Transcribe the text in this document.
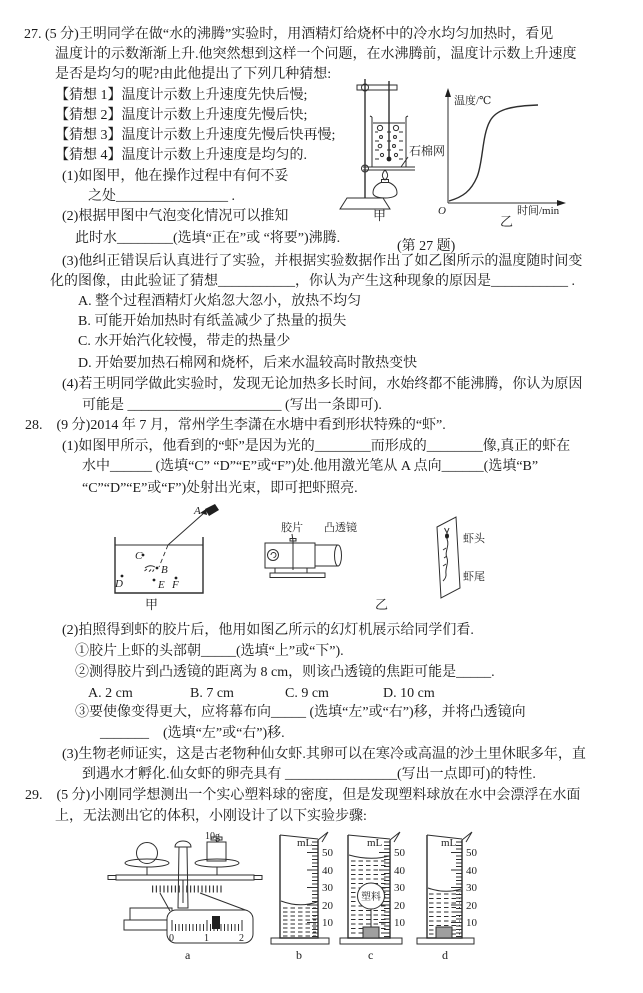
27. (5 分)王明同学在做“水的沸腾”实验时，用酒精灯给烧杯中的冷水均匀加热时，看见
温度计的示数渐渐上升.他突然想到这样一个问题，在水沸腾前，温度计示数上升速度
是否是均匀的呢?由此他提出了下列几种猜想:
【猜想 1】温度计示数上升速度先快后慢;
【猜想 2】温度计示数上升速度先慢后快;
【猜想 3】温度计示数上升速度先慢后快再慢;
【猜想 4】温度计示数上升速度是均匀的.
(1)如图甲，他在操作过程中有何不妥
之处________________ .
(2)根据甲图中气泡变化情况可以推知
此时水________(选填“正在”或 “将要”)沸腾.
(第 27 题)
(3)他纠正错误后认真进行了实验，并根据实验数据作出了如乙图所示的温度随时间变
化的图像，由此验证了猜想___________，你认为产生这种现象的原因是___________ .
A. 整个过程酒精灯火焰忽大忽小，放热不均匀
B. 可能开始加热时有纸盖减少了热量的损失
C. 水开始汽化较慢，带走的热量少
D. 开始要加热石棉网和烧杯，后来水温较高时散热变快
(4)若王明同学做此实验时，发现无论加热多长时间，水始终都不能沸腾，你认为原因
可能是 ______________________ (写出一条即可).
石棉网
甲
温度/℃
O	时间/min
乙
28.　(9 分)2014 年 7 月，常州学生李潇在水塘中看到形状特殊的“虾”.
(1)如图甲所示，他看到的“虾”是因为光的________而形成的________像,真正的虾在
水中______ (选填“C” “D”“E”或“F”)处.他用激光笔从 A 点向______(选填“B”
“C”“D”“E”或“F”)处射出光束，即可把虾照亮.
(2)拍照得到虾的胶片后，他用如图乙所示的幻灯机展示给同学们看.
①胶片上虾的头部朝_____(选填“上”或“下”).
②测得胶片到凸透镜的距离为 8 cm，则该凸透镜的焦距可能是_____.
A. 2 cm	B. 7 cm	C. 9 cm	D. 10 cm
③要使像变得更大，应将幕布向_____ (选填“左”或“右”)移，并将凸透镜向
_______　(选填“左”或“右”)移.
(3)生物老师证实，这是古老物种仙女虾.其卵可以在寒冷或高温的沙土里休眠多年，直
到遇水才孵化.仙女虾的卵壳具有 ________________(写出一点即可)的特性.
A
C
B
D	E F
甲
胶片 凸透镜
乙
虾头
虾尾
29.　(5 分)小刚同学想测出一个实心塑料球的密度，但是发现塑料球放在水中会漂浮在水面
上，无法测出它的体积，小刚设计了以下实验步骤:
0	1	2
10g
a
mL
50
40
30
20
10
b
塑料
mL
50
40
30
20
10
c
mL
50
40
30
20
10
d
